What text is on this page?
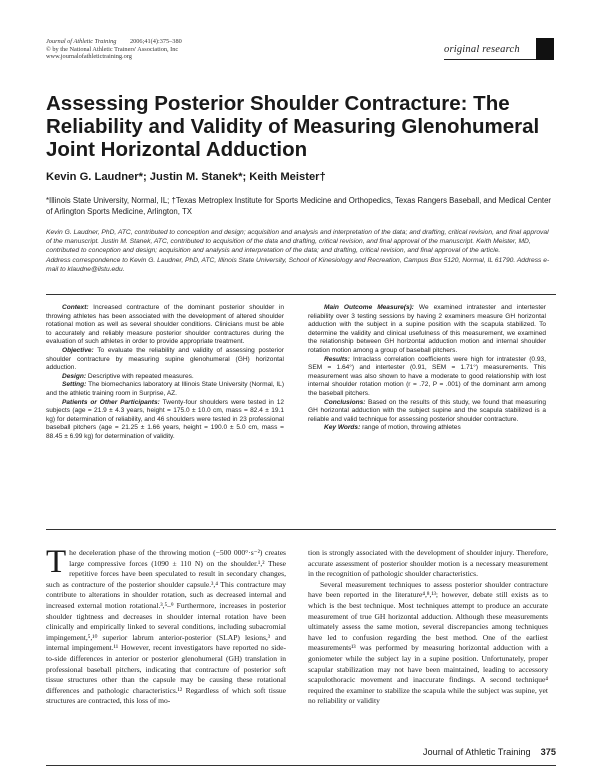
Journal of Athletic Training 2006;41(4):375–380
© by the National Athletic Trainers' Association, Inc
www.journalofathletictraining.org
original research
Assessing Posterior Shoulder Contracture: The Reliability and Validity of Measuring Glenohumeral Joint Horizontal Adduction
Kevin G. Laudner*; Justin M. Stanek*; Keith Meister†
*Illinois State University, Normal, IL; †Texas Metroplex Institute for Sports Medicine and Orthopedics, Texas Rangers Baseball, and Medical Center of Arlington Sports Medicine, Arlington, TX

Kevin G. Laudner, PhD, ATC, contributed to conception and design; acquisition and analysis and interpretation of the data; and drafting, critical revision, and final approval of the manuscript. Justin M. Stanek, ATC, contributed to acquisition of the data and drafting, critical revision, and final approval of the manuscript. Keith Meister, MD, contributed to conception and design; acquisition and analysis and interpretation of the data; and drafting, critical revision, and final approval of the article.

Address correspondence to Kevin G. Laudner, PhD, ATC, Illinois State University, School of Kinesiology and Recreation, Campus Box 5120, Normal, IL 61790. Address e-mail to klaudne@ilstu.edu.

Context: Increased contracture of the dominant posterior shoulder in throwing athletes has been associated with the development of altered shoulder rotational motion as well as several shoulder conditions. Clinicians must be able to accurately and reliably measure posterior shoulder contractures during the evaluation of such athletes in order to provide appropriate treatment.

Objective: To evaluate the reliability and validity of assessing posterior shoulder contracture by measuring supine glenohumeral (GH) horizontal adduction.

Design: Descriptive with repeated measures.

Setting: The biomechanics laboratory at Illinois State University (Normal, IL) and the athletic training room in Surprise, AZ.

Patients or Other Participants: Twenty-four shoulders were tested in 12 subjects (age = 21.9 ± 4.3 years, height = 175.0 ± 10.0 cm, mass = 82.4 ± 19.1 kg) for determination of reliability, and 46 shoulders were tested in 23 professional baseball pitchers (age = 21.25 ± 1.66 years, height = 190.0 ± 5.0 cm, mass = 88.45 ± 6.99 kg) for determination of validity.

Main Outcome Measure(s): We examined intratester and intertester reliability over 3 testing sessions by having 2 examiners measure GH horizontal adduction with the subject in a supine position with the scapula stabilized. To determine the validity and clinical usefulness of this measurement, we examined the relationship between GH horizontal adduction motion and internal shoulder rotation motion among a group of baseball pitchers.

Results: Intraclass correlation coefficients were high for intratester (0.93, SEM = 1.64°) and intertester (0.91, SEM = 1.71°) measurements. This measurement was also shown to have a moderate to good relationship with lost internal shoulder rotation motion (r = .72, P = .001) of the dominant arm among the baseball pitchers.

Conclusions: Based on the results of this study, we found that measuring GH horizontal adduction with the subject supine and the scapula stabilized is a reliable and valid technique for assessing posterior shoulder contracture.

Key Words: range of motion, throwing athletes

The deceleration phase of the throwing motion (−500 000°·s⁻²) creates large compressive forces (1090 ± 110 N) on the shoulder.¹,² These repetitive forces have been speculated to result in secondary changes, such as contracture of the posterior shoulder capsule.³,⁴ This contracture may contribute to alterations in shoulder rotation, such as decreased internal and increased external motion rotational.³,⁵–⁹ Furthermore, increases in posterior shoulder tightness and decreases in shoulder internal rotation have been clinically and empirically linked to several conditions, including subacromial impingement,⁵,¹⁰ superior labrum anterior-posterior (SLAP) lesions,³ and internal impingement.¹¹ However, recent investigators have reported no side-to-side differences in anterior or posterior glenohumeral (GH) translation in professional baseball pitchers, indicating that contracture of posterior soft tissue structures other than the capsule may be causing these rotational differences and pathologic characteristics.¹² Regardless of which soft tissue structures are contracted, this loss of mo-

tion is strongly associated with the development of shoulder injury. Therefore, accurate assessment of posterior shoulder motion is a necessary measurement in the recognition of pathologic shoulder characteristics.

Several measurement techniques to assess posterior shoulder contracture have been reported in the literature⁴,⁸,¹³; however, debate still exists as to which is the best technique. Most techniques attempt to produce an accurate measurement of true GH horizontal adduction. Although these measurements ultimately assess the same motion, several discrepancies among techniques have led to confusion regarding the best method. One of the earliest measurements¹³ was performed by measuring horizontal adduction with a goniometer while the subject lay in a supine position. Unfortunately, proper scapular stabilization may not have been maintained, leading to accessory scapulothoracic movement and inaccurate findings. A second technique⁴ required the examiner to stabilize the scapula while the subject was supine, yet no reliability or validity

Journal of Athletic Training 375
